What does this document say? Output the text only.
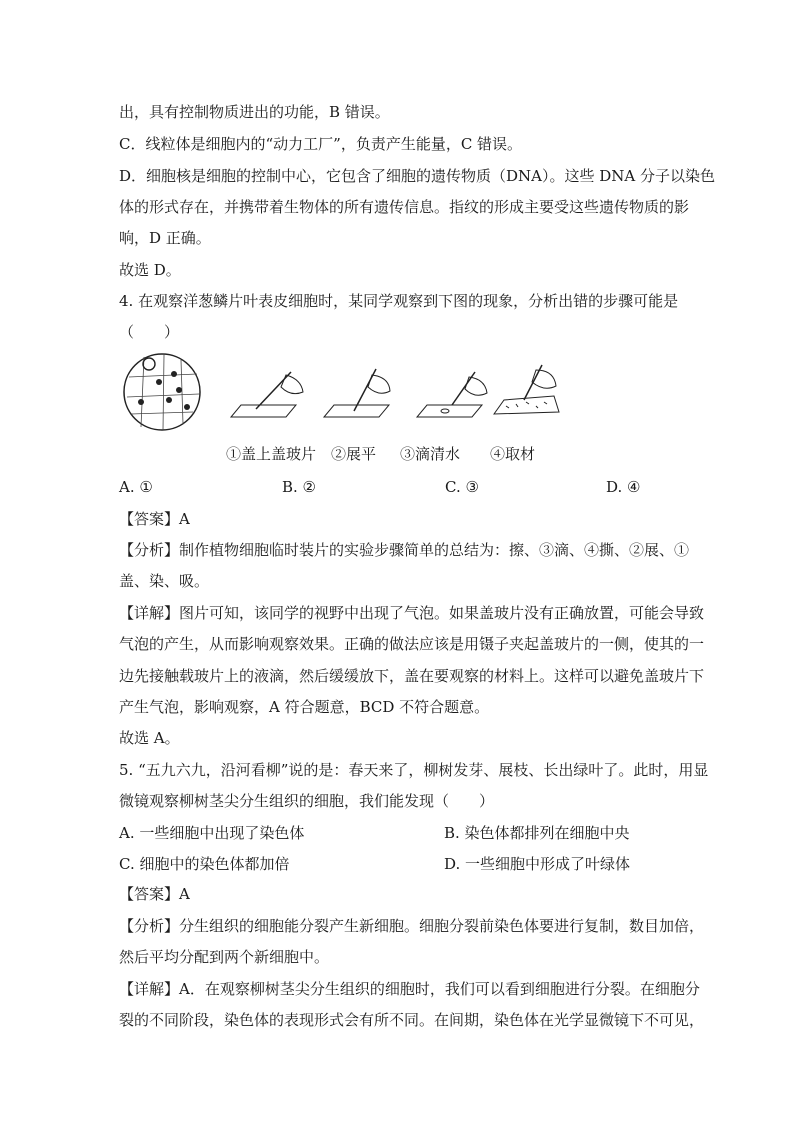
出，具有控制物质进出的功能，B 错误。
C．线粒体是细胞内的“动力工厂”，负责产生能量，C 错误。
D．细胞核是细胞的控制中心，它包含了细胞的遗传物质（DNA）。这些 DNA 分子以染色
体的形式存在，并携带着生物体的所有遗传信息。指纹的形成主要受这些遗传物质的影
响，D 正确。
故选 D。
4. 在观察洋葱鳞片叶表皮细胞时，某同学观察到下图的现象，分析出错的步骤可能是
（　　）
①盖上盖玻片 ②展平 ③滴清水 ④取材
A. ①	B. ②	C. ③	D. ④
【答案】A
【分析】制作植物细胞临时装片的实验步骤简单的总结为：擦、③滴、④撕、②展、①
盖、染、吸。
【详解】图片可知，该同学的视野中出现了气泡。如果盖玻片没有正确放置，可能会导致
气泡的产生，从而影响观察效果。正确的做法应该是用镊子夹起盖玻片的一侧，使其的一
边先接触载玻片上的液滴，然后缓缓放下，盖在要观察的材料上。这样可以避免盖玻片下
产生气泡，影响观察，A 符合题意，BCD 不符合题意。
故选 A。
5. “五九六九，沿河看柳”说的是：春天来了，柳树发芽、展枝、长出绿叶了。此时，用显
微镜观察柳树茎尖分生组织的细胞，我们能发现（　　）
A. 一些细胞中出现了染色体	B. 染色体都排列在细胞中央
C. 细胞中的染色体都加倍	D. 一些细胞中形成了叶绿体
【答案】A
【分析】分生组织的细胞能分裂产生新细胞。细胞分裂前染色体要进行复制，数目加倍，
然后平均分配到两个新细胞中。
【详解】A．在观察柳树茎尖分生组织的细胞时，我们可以看到细胞进行分裂。在细胞分
裂的不同阶段，染色体的表现形式会有所不同。在间期，染色体在光学显微镜下不可见，
